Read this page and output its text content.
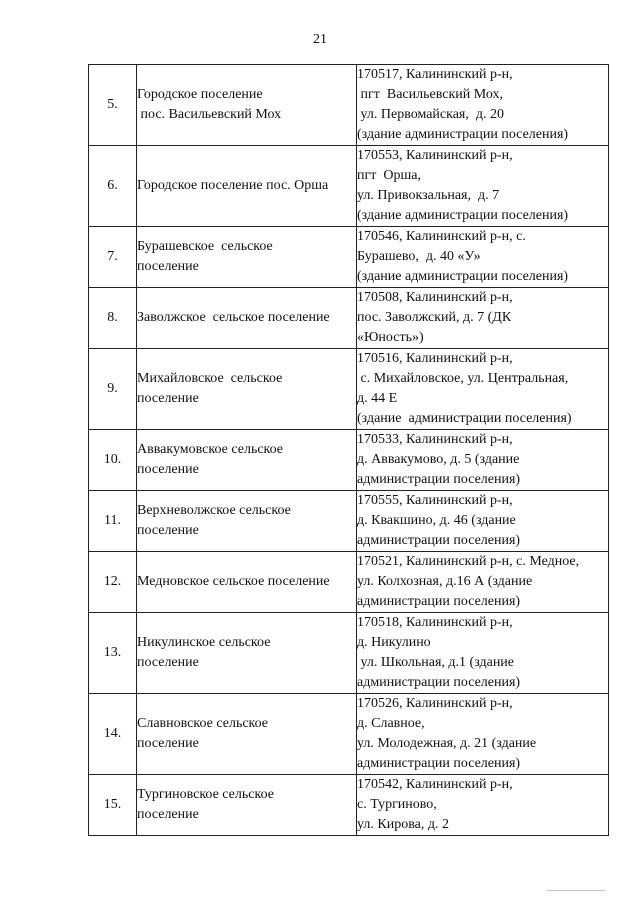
21
5.	Городское поселение
пос. Васильевский Мох	170517, Калининский р-н,
пгт  Васильевский Мох,
ул. Первомайская,  д. 20
(здание администрации поселения)

6.	Городское поселение пос. Орша	170553, Калининский р-н,
пгт  Орша,
ул. Привокзальная,  д. 7
(здание администрации поселения)

7.	Бурашевское  сельское
поселение	170546, Калининский р-н, с.
Бурашево,  д. 40 «У»
(здание администрации поселения)

8.	Заволжское  сельское поселение	170508, Калининский р-н,
пос. Заволжский, д. 7 (ДК
«Юность»)

9.	Михайловское  сельское
поселение	170516, Калининский р-н,
с. Михайловское, ул. Центральная,
д. 44 Е
(здание  администрации поселения)

10.	Аввакумовское сельское
поселение	170533, Калининский р-н,
д. Аввакумово, д. 5 (здание
администрации поселения)

11.	Верхневолжское сельское
поселение	170555, Калининский р-н,
д. Квакшино, д. 46 (здание
администрации поселения)

12.	Медновское сельское поселение	170521, Калининский р-н, с. Медное,
ул. Колхозная, д.16 А (здание
администрации поселения)

13.	Никулинское сельское
поселение	170518, Калининский р-н,
д. Никулино
ул. Школьная, д.1 (здание
администрации поселения)

14.	Славновское сельское
поселение	170526, Калининский р-н,
д. Славное,
ул. Молодежная, д. 21 (здание
администрации поселения)

15.	Тургиновское сельское
поселение	170542, Калининский р-н,
с. Тургиново,
ул. Кирова, д. 2
